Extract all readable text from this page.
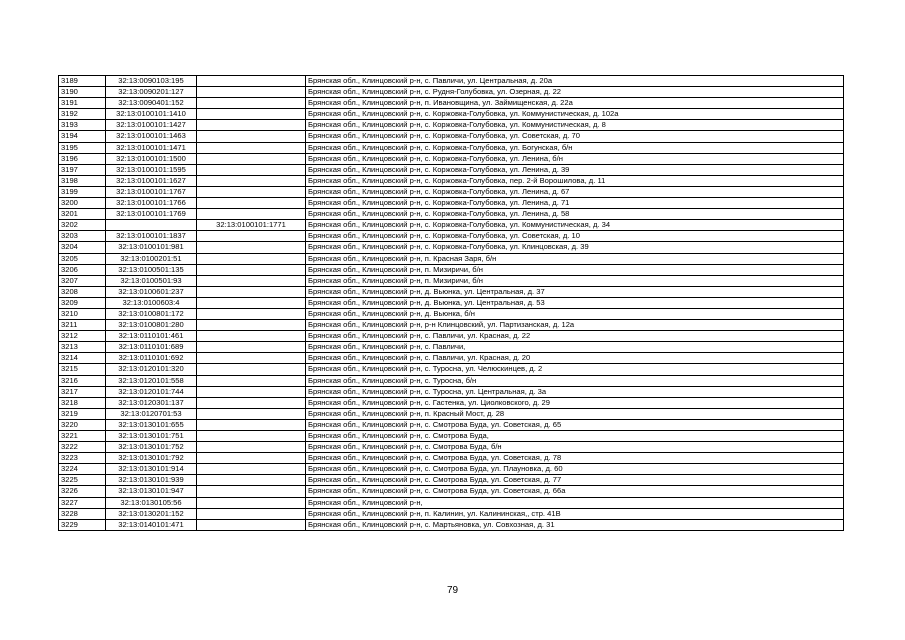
3189	32:13:0090103:195		Брянская обл., Клинцовский р-н, с. Павличи, ул. Центральная, д. 20а
3190	32:13:0090201:127		Брянская обл., Клинцовский р-н, с. Рудня-Голубовка, ул. Озерная, д. 22
3191	32:13:0090401:152		Брянская обл., Клинцовский р-н, п. Ивановщина, ул. Займищенская, д. 22а
3192	32:13:0100101:1410		Брянская обл., Клинцовский р-н, с. Коржовка-Голубовка, ул. Коммунистическая, д. 102а
3193	32:13:0100101:1427		Брянская обл., Клинцовский р-н, с. Коржовка-Голубовка, ул. Коммунистическая, д. 8
3194	32:13:0100101:1463		Брянская обл., Клинцовский р-н, с. Коржовка-Голубовка, ул. Советская, д. 70
3195	32:13:0100101:1471		Брянская обл., Клинцовский р-н, с. Коржовка-Голубовка, ул. Богунская, б/н
3196	32:13:0100101:1500		Брянская обл., Клинцовский р-н, с. Коржовка-Голубовка, ул. Ленина, б/н
3197	32:13:0100101:1595		Брянская обл., Клинцовский р-н, с. Коржовка-Голубовка, ул. Ленина, д. 39
3198	32:13:0100101:1627		Брянская обл., Клинцовский р-н, с. Коржовка-Голубовка, пер. 2-й Ворошилова, д. 11
3199	32:13:0100101:1767		Брянская обл., Клинцовский р-н, с. Коржовка-Голубовка, ул. Ленина, д. 67
3200	32:13:0100101:1766		Брянская обл., Клинцовский р-н, с. Коржовка-Голубовка, ул. Ленина, д. 71
3201	32:13:0100101:1769		Брянская обл., Клинцовский р-н, с. Коржовка-Голубовка, ул. Ленина, д. 58
3202		32:13:0100101:1771	Брянская обл., Клинцовский р-н, с. Коржовка-Голубовка, ул. Коммунистическая, д. 34
3203	32:13:0100101:1837		Брянская обл., Клинцовский р-н, с. Коржовка-Голубовка, ул. Советская, д. 10
3204	32:13:0100101:981		Брянская обл., Клинцовский р-н, с. Коржовка-Голубовка, ул. Клинцовская, д. 39
3205	32:13:0100201:51		Брянская обл., Клинцовский р-н, п. Красная Заря, б/н
3206	32:13:0100501:135		Брянская обл., Клинцовский р-н, п. Мизиричи, б/н
3207	32:13:0100501:93		Брянская обл., Клинцовский р-н, п. Мизиричи, б/н
3208	32:13:0100601:237		Брянская обл., Клинцовский р-н, д. Вьюнка, ул. Центральная, д. 37
3209	32:13:0100603:4		Брянская обл., Клинцовский р-н, д. Вьюнка, ул. Центральная, д. 53
3210	32:13:0100801:172		Брянская обл., Клинцовский р-н, д. Вьюнка, б/н
3211	32:13:0100801:280		Брянская обл., Клинцовский р-н, р-н Клинцовский, ул. Партизанская, д. 12а
3212	32:13:0110101:461		Брянская обл., Клинцовский р-н, с. Павличи, ул. Красная, д. 22
3213	32:13:0110101:689		Брянская обл., Клинцовский р-н, с. Павличи,
3214	32:13:0110101:692		Брянская обл., Клинцовский р-н, с. Павличи, ул. Красная, д. 20
3215	32:13:0120101:320		Брянская обл., Клинцовский р-н, с. Туросна, ул. Челюскинцев, д. 2
3216	32:13:0120101:558		Брянская обл., Клинцовский р-н, с. Туросна, б/н
3217	32:13:0120101:744		Брянская обл., Клинцовский р-н, с. Туросна, ул. Центральная, д. 3а
3218	32:13:0120301:137		Брянская обл., Клинцовский р-н, с. Гастенка, ул. Циолковского, д. 29
3219	32:13:0120701:53		Брянская обл., Клинцовский р-н, п. Красный Мост, д. 28
3220	32:13:0130101:655		Брянская обл., Клинцовский р-н, с. Смотрова Буда, ул. Советская, д. 65
3221	32:13:0130101:751		Брянская обл., Клинцовский р-н, с. Смотрова Буда,
3222	32:13:0130101:752		Брянская обл., Клинцовский р-н, с. Смотрова Буда, б/н
3223	32:13:0130101:792		Брянская обл., Клинцовский р-н, с. Смотрова Буда, ул. Советская, д. 78
3224	32:13:0130101:914		Брянская обл., Клинцовский р-н, с. Смотрова Буда, ул. Плауновка, д. 60
3225	32:13:0130101:939		Брянская обл., Клинцовский р-н, с. Смотрова Буда, ул. Советская, д. 77
3226	32:13:0130101:947		Брянская обл., Клинцовский р-н, с. Смотрова Буда, ул. Советская, д. 66а
3227	32:13:0130105:56		Брянская обл., Клинцовский р-н,
3228	32:13:0130201:152		Брянская обл., Клинцовский р-н, п. Калинин, ул. Калининская,, стр. 41В
3229	32:13:0140101:471		Брянская обл., Клинцовский р-н, с. Мартьяновка, ул. Совхозная, д. 31
79
